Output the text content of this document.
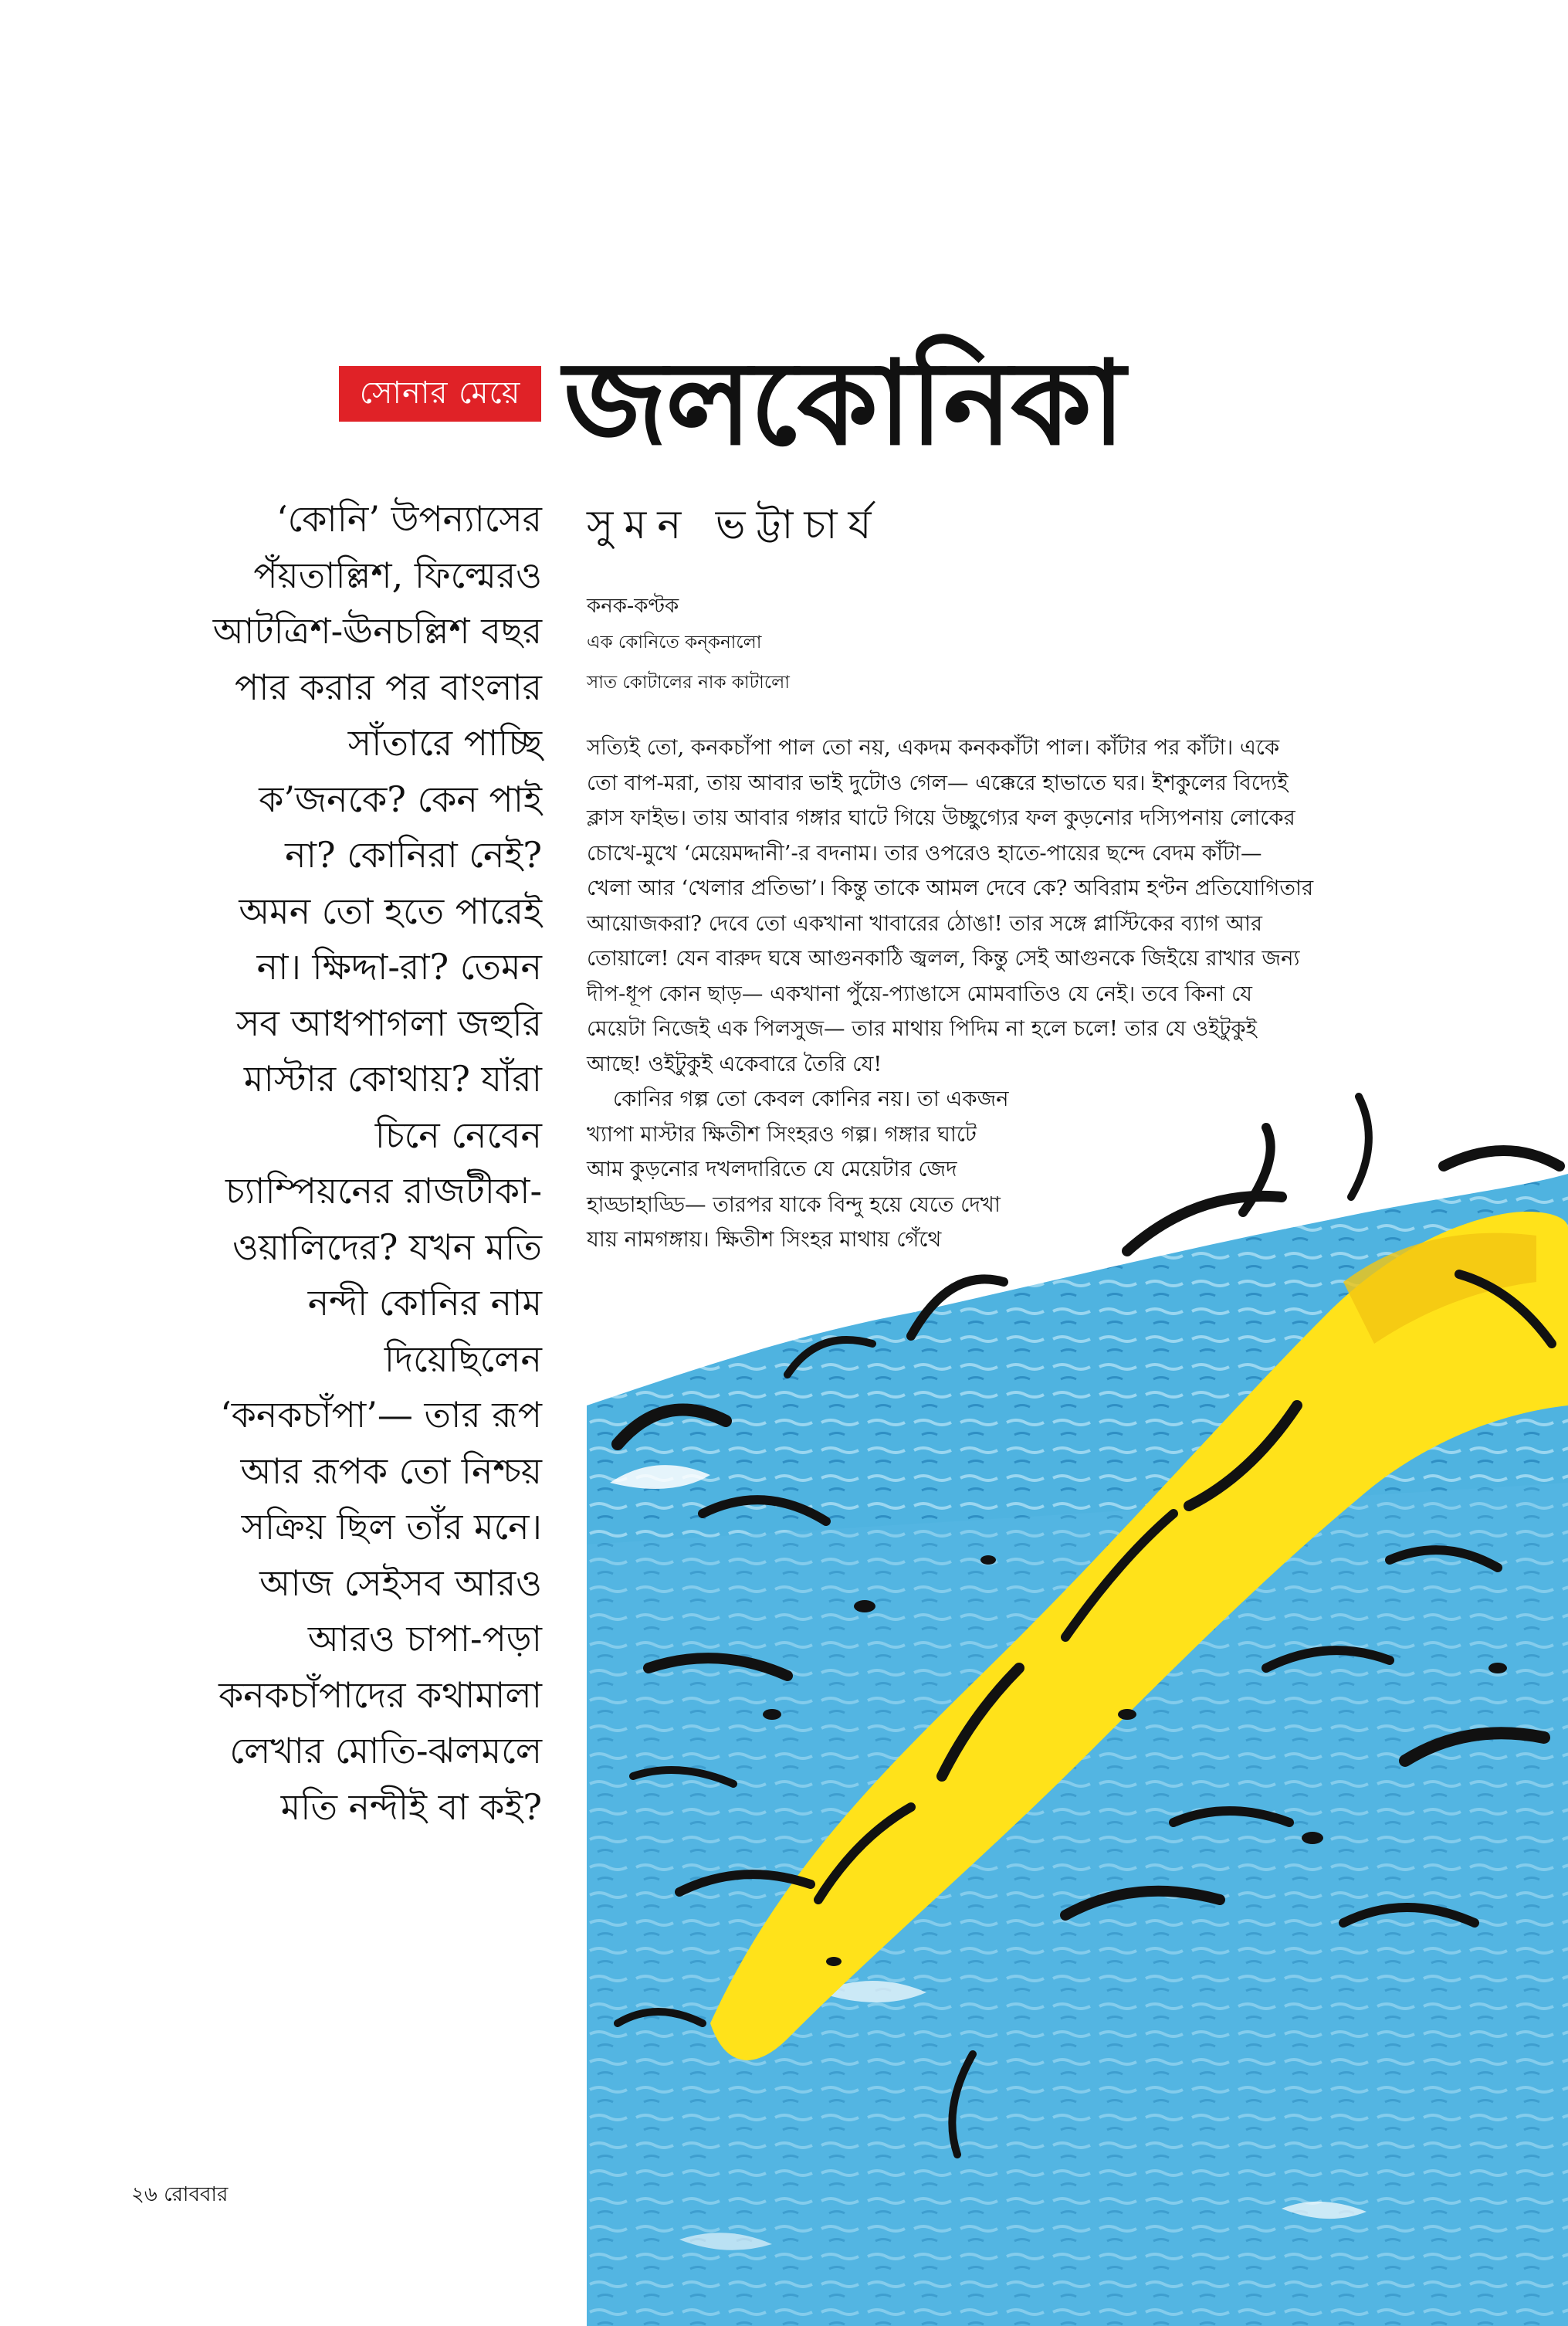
সোনার মেয়ে জলকোনিকা
সুমন ভট্টাচার্য
‘কোনি’ উপন্যাসের
পঁয়তাল্লিশ, ফিল্মেরও
আটত্রিশ-ঊনচল্লিশ বছর
পার করার পর বাংলার
সাঁতারে পাচ্ছি
ক’জনকে? কেন পাই
না? কোনিরা নেই?
অমন তো হতে পারেই
না। ক্ষিদ্দা-রা? তেমন
সব আধপাগলা জহুরি
মাস্টার কোথায়? যাঁরা
চিনে নেবেন
চ্যাম্পিয়নের রাজটীকা-
ওয়ালিদের? যখন মতি
নন্দী কোনির নাম
দিয়েছিলেন
‘কনকচাঁপা’— তার রূপ
আর রূপক তো নিশ্চয়
সক্রিয় ছিল তাঁর মনে।
আজ সেইসব আরও
আরও চাপা-পড়া
কনকচাঁপাদের কথামালা
লেখার মোতি-ঝলমলে
মতি নন্দীই বা কই?
কনক-কণ্টক
এক কোনিতে কন্‌কনালো
সাত কোটালের নাক কাটালো
সত্যিই তো, কনকচাঁপা পাল তো নয়, একদম কনককাঁটা পাল। কাঁটার পর কাঁটা। একে
তো বাপ-মরা, তায় আবার ভাই দুটোও গেল— এক্কেরে হাভাতে ঘর। ইশকুলের বিদ্যেই
ক্লাস ফাইভ। তায় আবার গঙ্গার ঘাটে গিয়ে উচ্ছুগ্যের ফল কুড়নোর দস্যিপনায় লোকের
চোখে-মুখে ‘মেয়েমদ্দানী’-র বদনাম। তার ওপরেও হাতে-পায়ের ছন্দে বেদম কাঁটা—
খেলা আর ‘খেলার প্রতিভা’। কিন্তু তাকে আমল দেবে কে? অবিরাম হণ্টন প্রতিযোগিতার
আয়োজকরা? দেবে তো একখানা খাবারের ঠোঙা! তার সঙ্গে প্লাস্টিকের ব্যাগ আর
তোয়ালে! যেন বারুদ ঘষে আগুনকাঠি জ্বলল, কিন্তু সেই আগুনকে জিইয়ে রাখার জন্য
দীপ-ধূপ কোন ছাড়— একখানা পুঁয়ে-প্যাঙাসে মোমবাতিও যে নেই। তবে কিনা যে
মেয়েটা নিজেই এক পিলসুজ— তার মাথায় পিদিম না হলে চলে! তার যে ওইটুকুই
আছে! ওইটুকুই একেবারে তৈরি যে!
কোনির গল্প তো কেবল কোনির নয়। তা একজন
খ্যাপা মাস্টার ক্ষিতীশ সিংহরও গল্প। গঙ্গার ঘাটে
আম কুড়নোর দখলদারিতে যে মেয়েটার জেদ
হাড্ডাহাড্ডি— তারপর যাকে বিন্দু হয়ে যেতে দেখা
যায় নামগঙ্গায়। ক্ষিতীশ সিংহর মাথায় গেঁথে
২৬ রোববার
